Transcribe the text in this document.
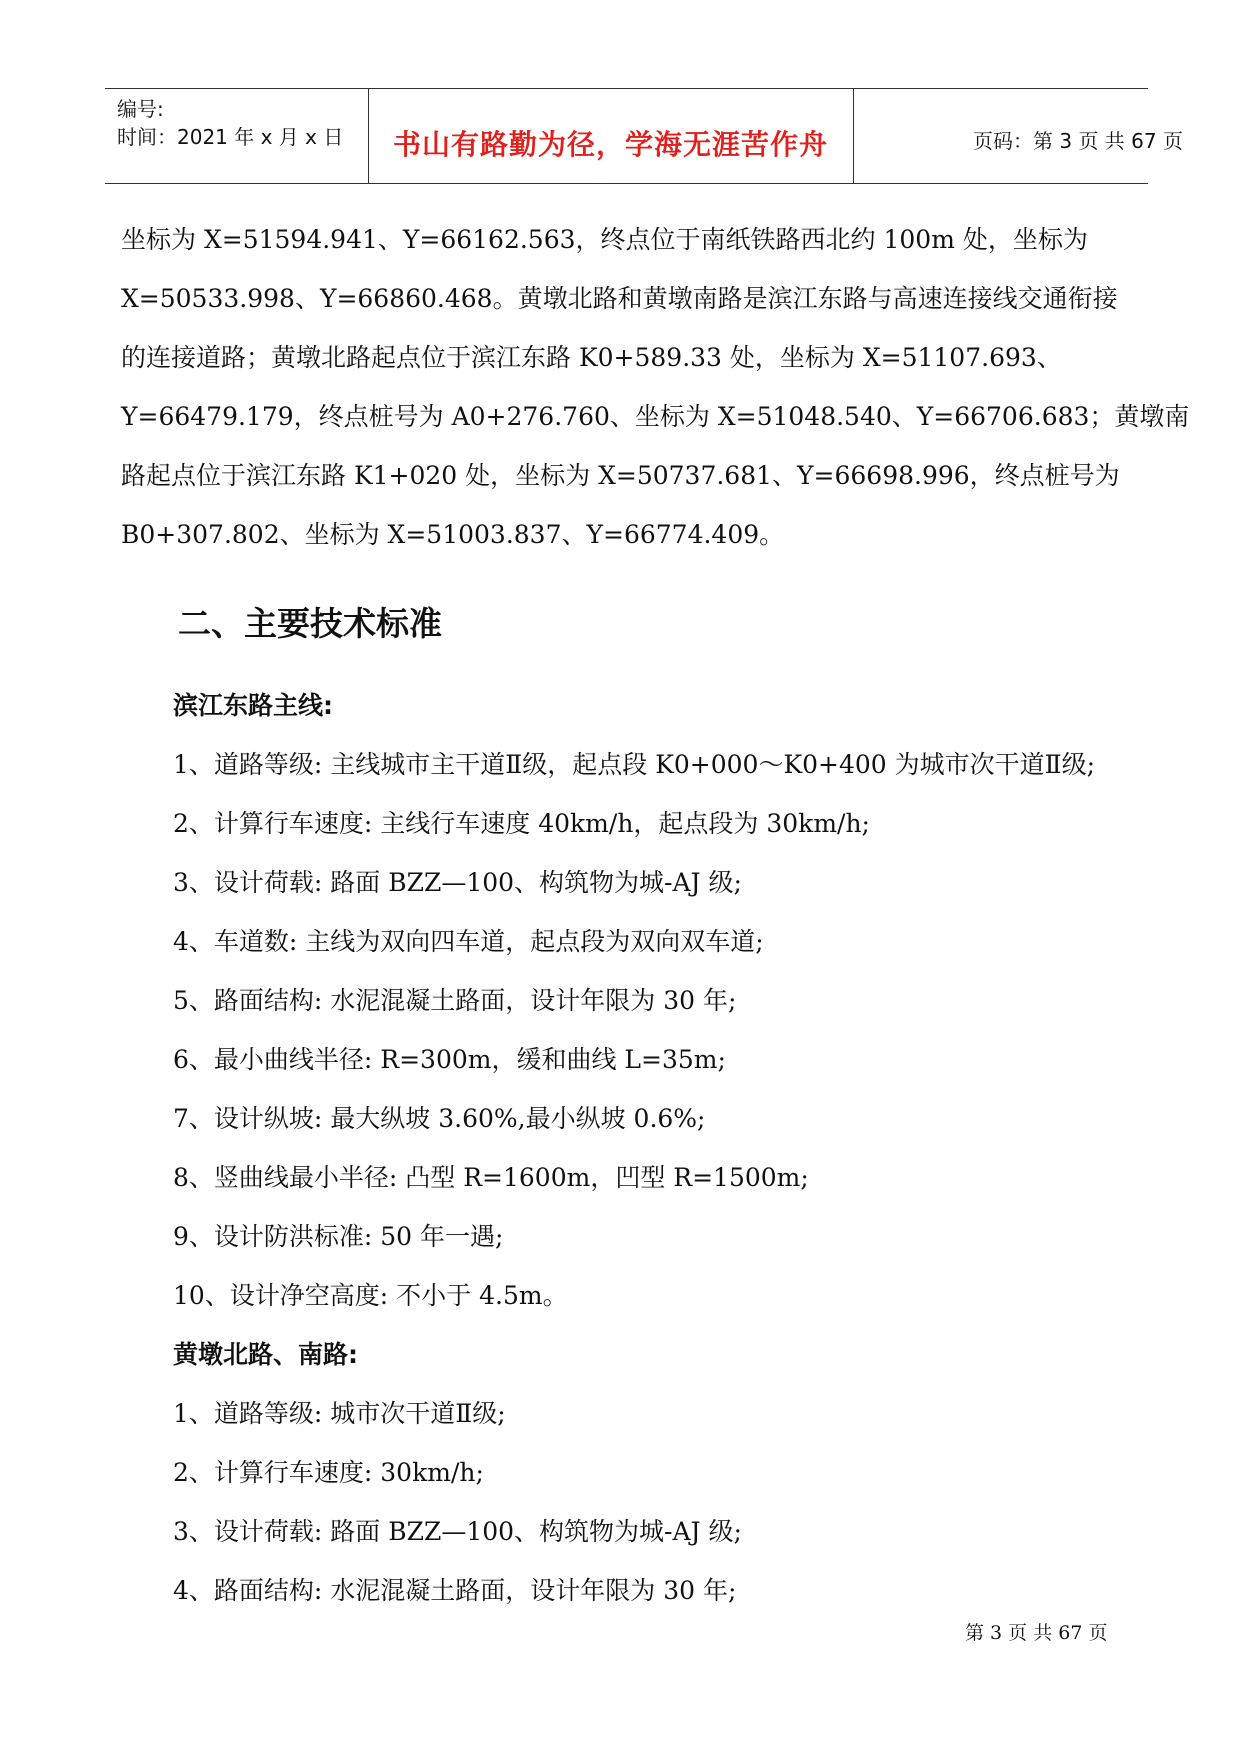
编号:
时间：2021 年 x 月 x 日	书山有路勤为径，学海无涯苦作舟	页码：第 3 页 共 67 页
坐标为 X=51594.941、Y=66162.563，终点位于南纸铁路西北约 100m 处，坐标为
X=50533.998、Y=66860.468。黄墩北路和黄墩南路是滨江东路与高速连接线交通衔接
的连接道路；黄墩北路起点位于滨江东路 K0+589.33 处，坐标为 X=51107.693、
Y=66479.179，终点桩号为 A0+276.760、坐标为 X=51048.540、Y=66706.683；黄墩南
路起点位于滨江东路 K1+020 处，坐标为 X=50737.681、Y=66698.996，终点桩号为
B0+307.802、坐标为 X=51003.837、Y=66774.409。
二、主要技术标准
滨江东路主线:
1、道路等级: 主线城市主干道Ⅱ级，起点段 K0+000～K0+400 为城市次干道Ⅱ级;
2、计算行车速度: 主线行车速度 40km/h，起点段为 30km/h;
3、设计荷载: 路面 BZZ—100、构筑物为城-AJ 级;
4、车道数: 主线为双向四车道，起点段为双向双车道;
5、路面结构: 水泥混凝土路面，设计年限为 30 年;
6、最小曲线半径: R=300m，缓和曲线 L=35m;
7、设计纵坡: 最大纵坡 3.60%,最小纵坡 0.6%;
8、竖曲线最小半径: 凸型 R=1600m，凹型 R=1500m;
9、设计防洪标准: 50 年一遇;
10、设计净空高度: 不小于 4.5m。
黄墩北路、南路:
1、道路等级: 城市次干道Ⅱ级;
2、计算行车速度: 30km/h;
3、设计荷载: 路面 BZZ—100、构筑物为城-AJ 级;
4、路面结构: 水泥混凝土路面，设计年限为 30 年;
第 3 页 共 67 页
